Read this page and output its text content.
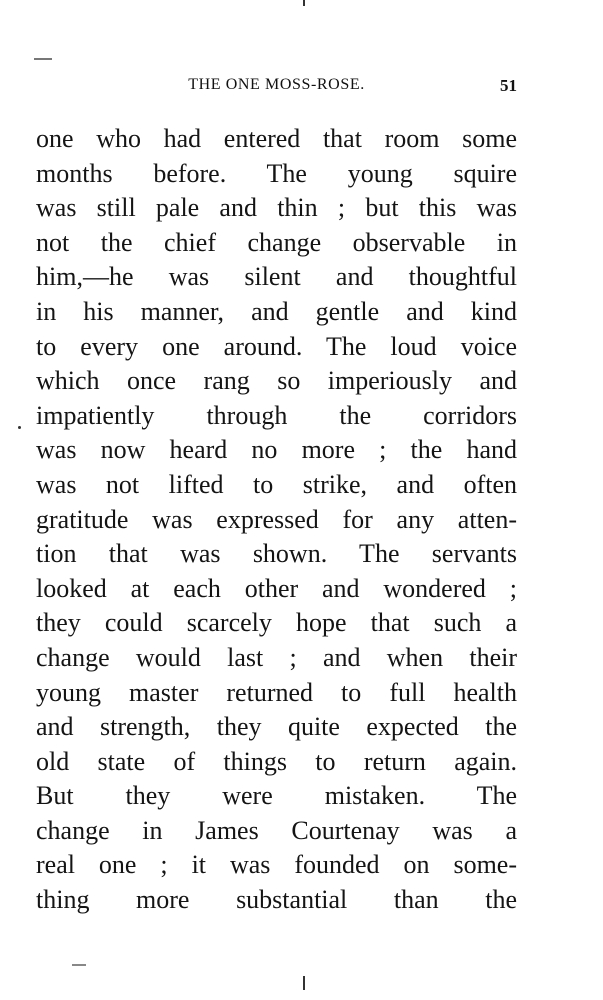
THE ONE MOSS-ROSE.	51
one who had entered that room some
months before. The young squire
was still pale and thin ; but this was
not the chief change observable in
him,—he was silent and thoughtful
in his manner, and gentle and kind
to every one around. The loud voice
which once rang so imperiously and
impatiently through the corridors
was now heard no more ; the hand
was not lifted to strike, and often
gratitude was expressed for any atten-
tion that was shown. The servants
looked at each other and wondered ;
they could scarcely hope that such a
change would last ; and when their
young master returned to full health
and strength, they quite expected the
old state of things to return again.
But they were mistaken. The
change in James Courtenay was a
real one ; it was founded on some-
thing more substantial than the
